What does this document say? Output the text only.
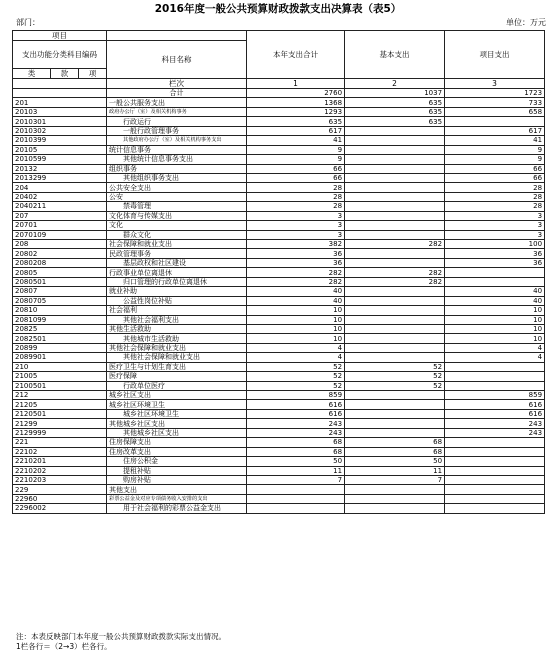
2016年度一般公共预算财政拨款支出决算表（表5）
部门：	单位：万元
项目				本年支出合计	基本支出	项目支出
支出功能分类科目编码			科目名称			
类	款	项				
			栏次	1	2	3
			合计	2760	1037	1723
201			一般公共服务支出	1368	635	733
20103			政府办公厅（室）及相关机构事务	1293	635	658
2010301			行政运行	635	635	
2010302			一般行政管理事务	617		617
2010399			其他政府办公厅（室）及相关机构事务支出	41		41
20105			统计信息事务	9		9
2010599			其他统计信息事务支出	9		9
20132			组织事务	66		66
2013299			其他组织事务支出	66		66
204			公共安全支出	28		28
20402			公安	28		28
2040211			禁毒管理	28		28
207			文化体育与传媒支出	3		3
20701			文化	3		3
2070109			群众文化	3		3
208			社会保障和就业支出	382	282	100
20802			民政管理事务	36		36
2080208			基层政权和社区建设	36		36
20805			行政事业单位离退休	282	282	
2080501			归口管理的行政单位离退休	282	282	
20807			就业补助	40		40
2080705			公益性岗位补贴	40		40
20810			社会福利	10		10
2081099			其他社会福利支出	10		10
20825			其他生活救助	10		10
2082501			其他城市生活救助	10		10
20899			其他社会保障和就业支出	4		4
2089901			其他社会保障和就业支出	4		4
210			医疗卫生与计划生育支出	52	52	
21005			医疗保障	52	52	
2100501			行政单位医疗	52	52	
212			城乡社区支出	859		859
21205			城乡社区环境卫生	616		616
2120501			城乡社区环境卫生	616		616
21299			其他城乡社区支出	243		243
2129999			其他城乡社区支出	243		243
221			住房保障支出	68	68	
22102			住房改革支出	68	68	
2210201			住房公积金	50	50	
2210202			提租补贴	11	11	
2210203			购房补贴	7	7	
229			其他支出			
22960			彩票公益金及对应专项债务收入安排的支出			
2296002			用于社会福利的彩票公益金支出			
注：本表反映部门本年度一般公共预算财政拨款实际支出情况。
1栏各行＝（2→3）栏各行。
